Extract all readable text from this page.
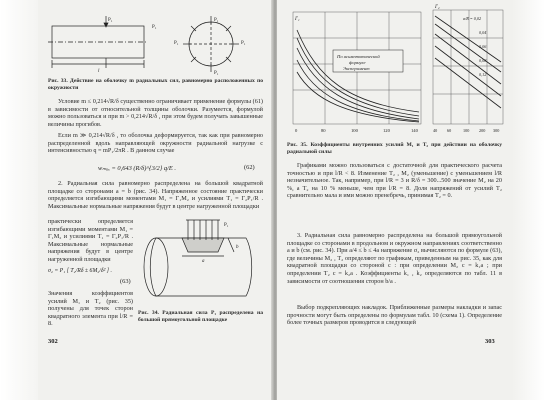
P₁
P₁
l
P₁
P₁
P₁
P₁
Рис. 33. Действие на оболочку m радиальных сил, равномерно расположенных по окружности
Условие m ≤ 0,214√R/δ существенно ограничивает применение формулы (61) в зависимости от относительной толщины оболочки. Разумеется, формулой можно пользоваться и при m > 0,214√R/δ , при этом будем получать завышенные величины прогибов.
Если m ≫ 0,214√R/δ , то оболочка деформируется, так как при равномерно распределенной вдоль направляющей окружности радиальной нагрузке с интенсивностью q = mP₁/2πR . В данном случае
wₘₐₓ = 0,643 (R/δ)^{3/2} q/E .	(62)
2. Радиальная сила равномерно распределена на большой квадратной площадке со сторонами a = b (рис. 34). Напряженное состояние практически определяется изгибающими моментами M₁ = Γ₁M₂ и усилиями T₁ = Γ₂P₁/R . Максимальные нормальные напряжения будут в центре нагруженной площадки
практически определяется изгибающими моментами M₁ = Γ₁M₂ и усилиями T₁ = Γ₂P₁/R . Максимальные нормальные напряжения будут в центре нагруженной площадки
σ₂ = P₁ [ T₂/Rδ ± 6M₂/δ² ] .
(63)
Значения коэффициентов усилий M₁ и T₂ (рис. 35) получены для точек сторон квадратного элемента при l/R = 8.
P₁
b
a
Рис. 34. Радиальная сила P₁ распределена на большой прямоугольной площадке
302
По асимптотической
формуле
Эксперимент
0	80	100	120	140
Γ₁
Γ₂
a/R = 0,02
0,04
0,06
0,08
0,12
40 60	100 200 300
Рис. 35. Коэффициенты внутренних усилий M₁ и T₂ при действии на оболочку радиальной силы
Графиками можно пользоваться с достаточной для практического расчета точностью и при l/R < 8. Изменение T₂ , M₂ (уменьшение) с уменьшением l/R незначительное. Так, например, при l/R = 3 и R/δ = 300...500 значение M₂ на 20 %, а T₂ на 10 % меньше, чем при l/R = 8. Доля напряжений от усилий T₂ сравнительно мала и ими можно пренебречь, принимая T₂ = 0.
3. Радиальная сила равномерно распределена на большой прямоугольной площадке со сторонами в продольном и окружном направлениях соответственно a и b (см. рис. 34). При a/4 ≤ b ≤ 4a напряжение σ₂ вычисляются по формуле (63), где величины M₂ , T₂ определяют по графикам, приведенным на рис. 35, как для квадратной площадки со стороной c : при определении M₂ c = k₁a ; при определении T₂ c = k₂a . Коэффициенты k₁ , k₂ определяются по табл. 11 в зависимости от соотношения сторон b/a .
Выбор подкрепляющих накладок. Приближенные размеры накладки и запас прочности могут быть определены по формулам табл. 10 (схема 1). Определение более точных размеров проводится в следующей
303
